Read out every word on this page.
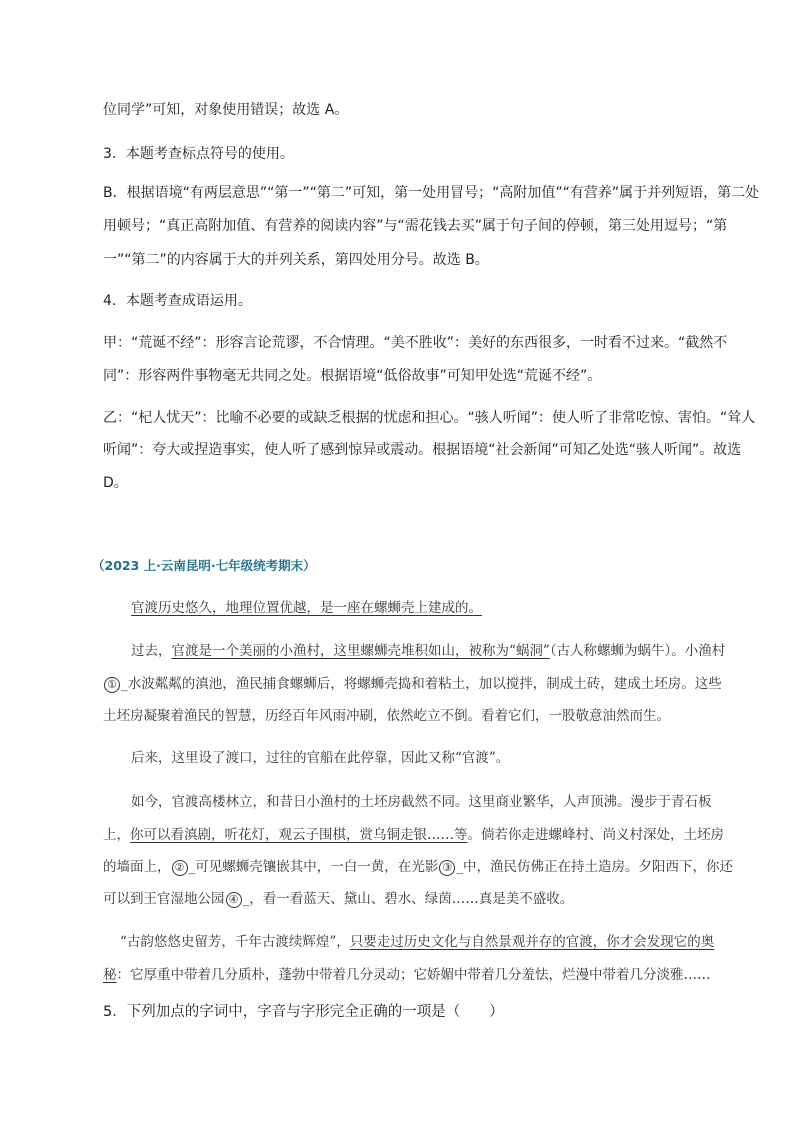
位同学”可知，对象使用错误；故选 A。
3．本题考查标点符号的使用。
B．根据语境“有两层意思”“第一”“第二”可知，第一处用冒号；“高附加值”“有营养”属于并列短语，第二处
用顿号；“真正高附加值、有营养的阅读内容”与“需花钱去买”属于句子间的停顿，第三处用逗号；“第
一”“第二”的内容属于大的并列关系，第四处用分号。故选 B。
4．本题考查成语运用。
甲：“荒诞不经”：形容言论荒谬，不合情理。“美不胜收”：美好的东西很多，一时看不过来。“截然不
同”：形容两件事物毫无共同之处。根据语境“低俗故事”可知甲处选“荒诞不经”。
乙：“杞人忧天”：比喻不必要的或缺乏根据的忧虑和担心。“骇人听闻”：使人听了非常吃惊、害怕。“耸人
听闻”：夸大或捏造事实，使人听了感到惊异或震动。根据语境“社会新闻”可知乙处选“骇人听闻”。故选
D。
（2023 上·云南昆明·七年级统考期末）
官渡历史悠久，地理位置优越，是一座在螺蛳壳上建成的。
过去，官渡是一个美丽的小渔村，这里螺蛳壳堆积如山，被称为“蜗洞”（古人称螺蛳为蜗牛）。小渔村
① _水波粼粼的滇池，渔民捕食螺蛳后，将螺蛳壳捣和着粘土，加以搅拌，制成土砖，建成土坯房。这些
土坯房凝聚着渔民的智慧，历经百年风雨冲刷，依然屹立不倒。看着它们，一股敬意油然而生。
后来，这里设了渡口，过往的官船在此停靠，因此又称“官渡”。
如今，官渡高楼林立，和昔日小渔村的土坯房截然不同。这里商业繁华，人声顶沸。漫步于青石板
上，你可以看滇剧，听花灯，观云子围棋，赏乌铜走银……等。倘若你走进螺峰村、尚义村深处，土坯房
的墙面上， ② _可见螺蛳壳镶嵌其中，一白一黄，在光影 ③ _中，渔民仿佛正在持土造房。夕阳西下，你还
可以到王官湿地公园 ④ _，看一看蓝天、黛山、碧水、绿茵……真是美不盛收。
“古韵悠悠史留芳，千年古渡续辉煌”，只要走过历史文化与自然景观并存的官渡，你才会发现它的奥
秘：它厚重中带着几分质朴，蓬勃中带着几分灵动；它娇媚中带着几分羞怯，烂漫中带着几分淡雅……
5．下列加点的字词中，字音与字形完全正确的一项是（　　）
